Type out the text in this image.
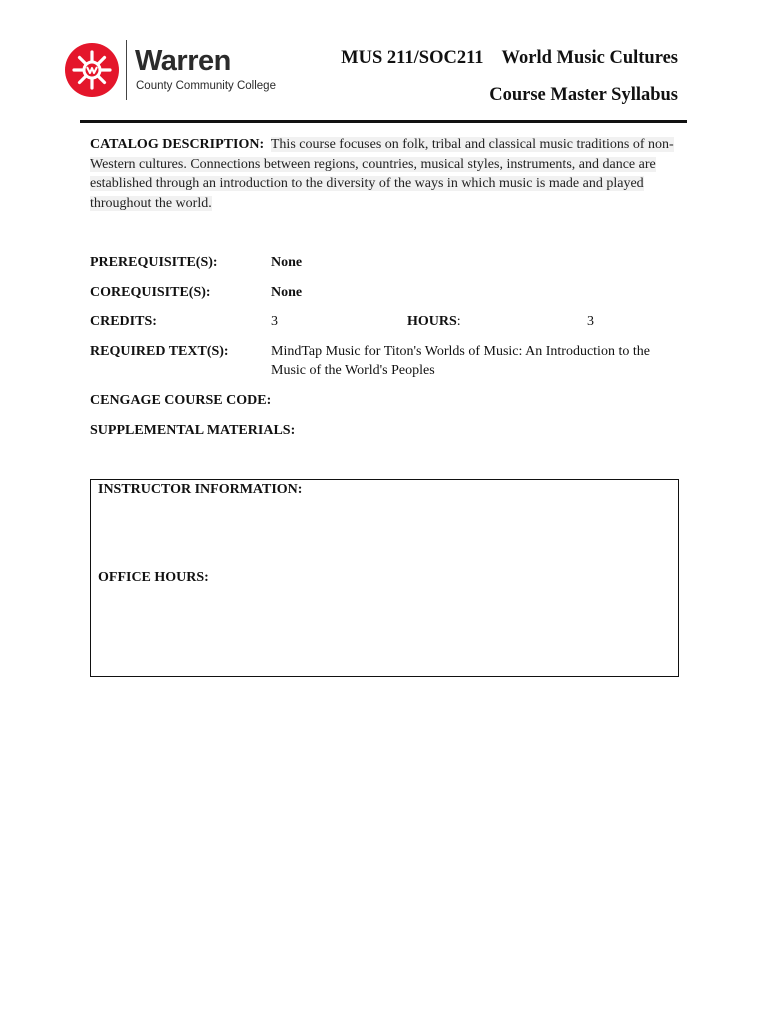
Warren
County Community College
MUS 211/SOC211 World Music Cultures
Course Master Syllabus
CATALOG DESCRIPTION: This course focuses on folk, tribal and classical music traditions of non-Western cultures. Connections between regions, countries, musical styles, instruments, and dance are established through an introduction to the diversity of the ways in which music is made and played throughout the world.
PREREQUISITE(S):	None
COREQUISITE(S):	None
CREDITS:	3	HOURS:	3
REQUIRED TEXT(S):	MindTap Music for Titon's Worlds of Music: An Introduction to the Music of the World's Peoples
CENGAGE COURSE CODE:
SUPPLEMENTAL MATERIALS:
INSTRUCTOR INFORMATION:
OFFICE HOURS:
